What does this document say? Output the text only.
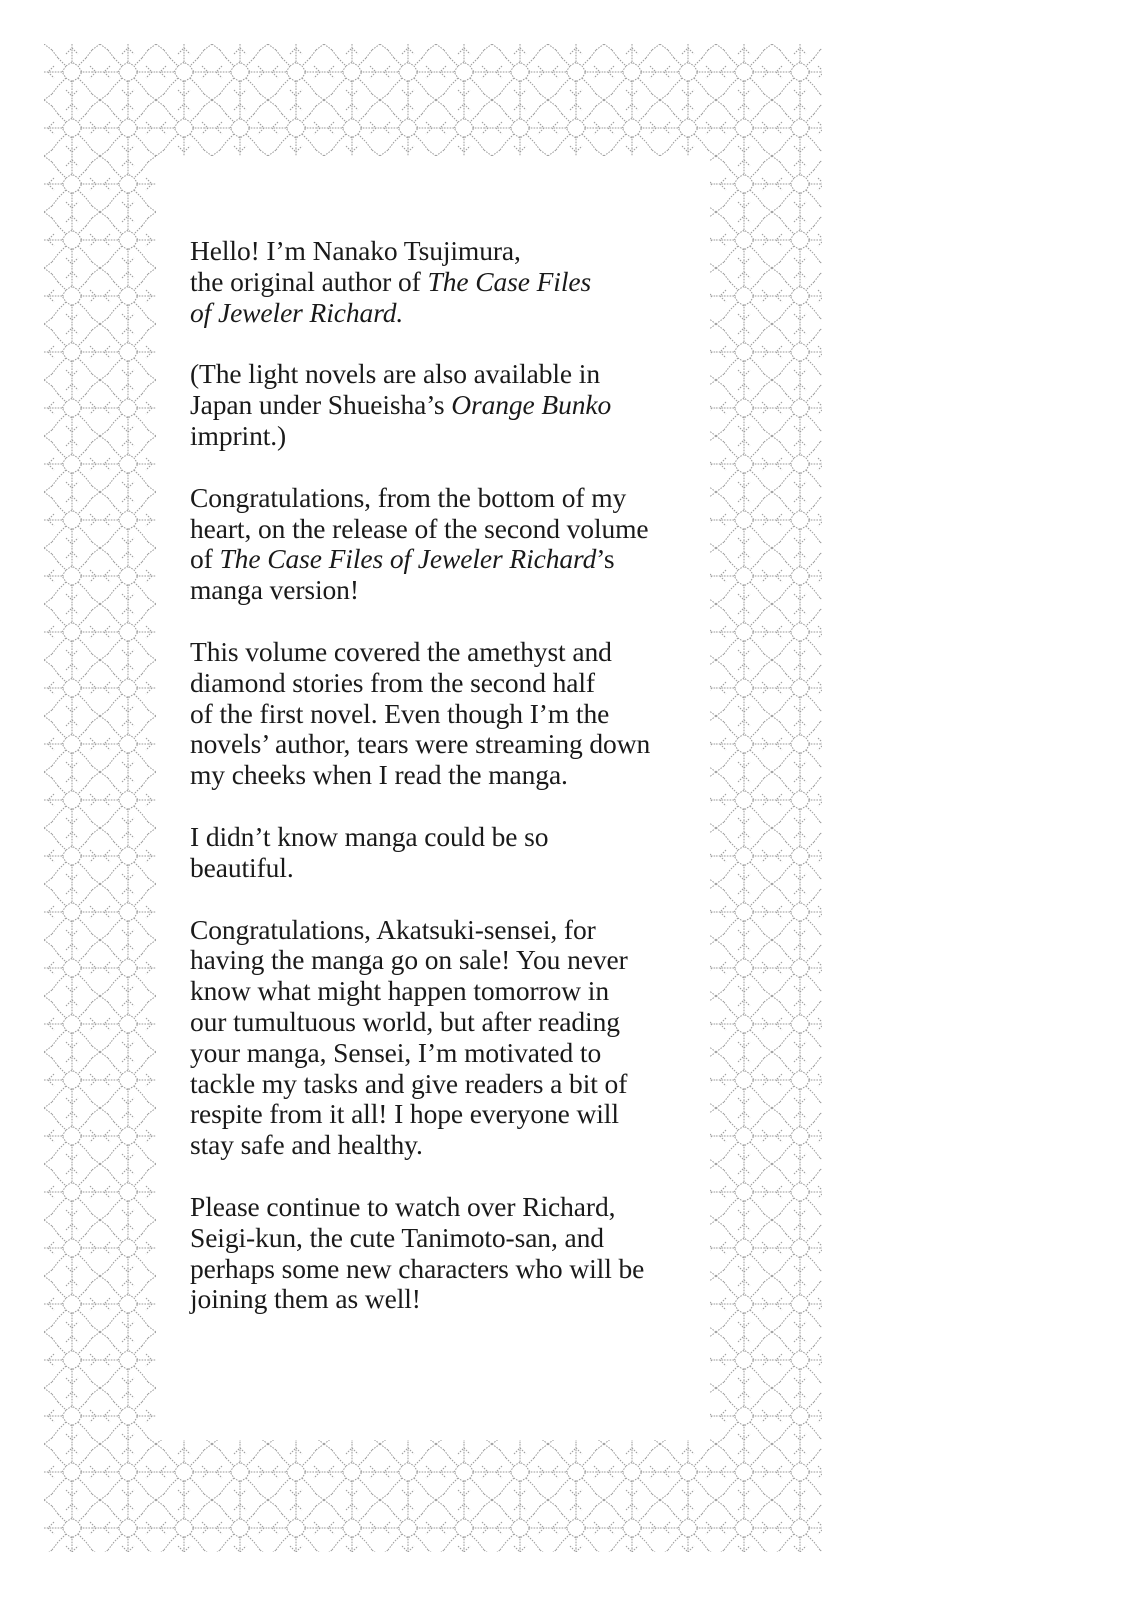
Hello! I’m Nanako Tsujimura,
the original author of The Case Files
of Jeweler Richard.

(The light novels are also available in
Japan under Shueisha’s Orange Bunko
imprint.)

Congratulations, from the bottom of my
heart, on the release of the second volume
of The Case Files of Jeweler Richard’s
manga version!

This volume covered the amethyst and
diamond stories from the second half
of the first novel. Even though I’m the
novels’ author, tears were streaming down
my cheeks when I read the manga.

I didn’t know manga could be so
beautiful.

Congratulations, Akatsuki-sensei, for
having the manga go on sale! You never
know what might happen tomorrow in
our tumultuous world, but after reading
your manga, Sensei, I’m motivated to
tackle my tasks and give readers a bit of
respite from it all! I hope everyone will
stay safe and healthy.

Please continue to watch over Richard,
Seigi-kun, the cute Tanimoto-san, and
perhaps some new characters who will be
joining them as well!
